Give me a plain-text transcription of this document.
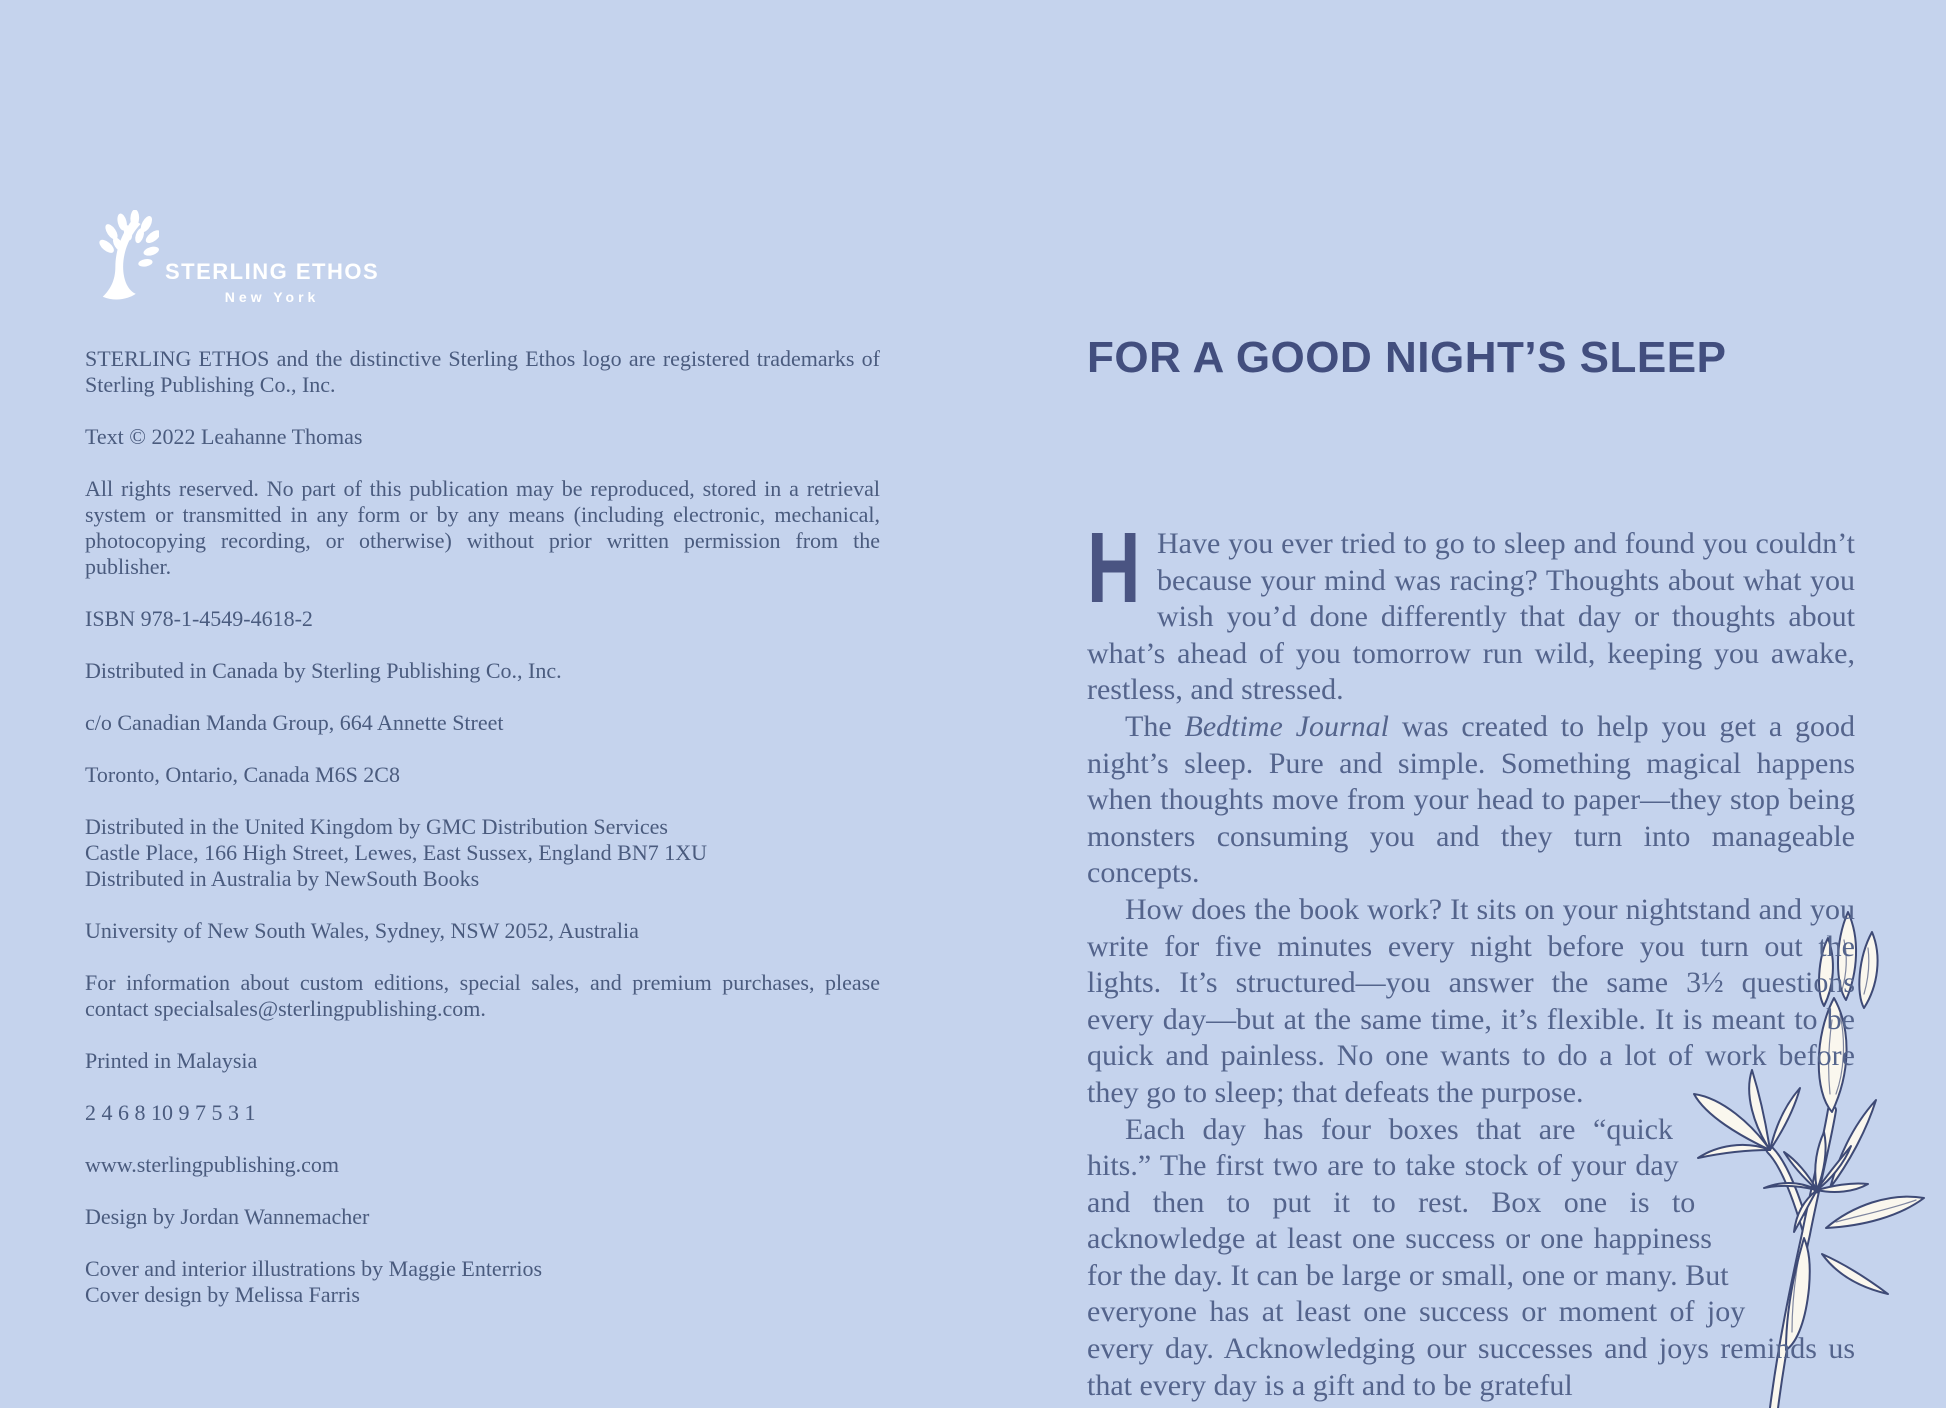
STERLING ETHOS
New York

STERLING ETHOS and the distinctive Sterling Ethos logo are registered trademarks of Sterling Publishing Co., Inc.

Text © 2022 Leahanne Thomas

All rights reserved. No part of this publication may be reproduced, stored in a retrieval system or transmitted in any form or by any means (including electronic, mechanical, photocopying recording, or otherwise) without prior written permission from the publisher.

ISBN 978-1-4549-4618-2

Distributed in Canada by Sterling Publishing Co., Inc.

c/o Canadian Manda Group, 664 Annette Street

Toronto, Ontario, Canada M6S 2C8

Distributed in the United Kingdom by GMC Distribution Services
Castle Place, 166 High Street, Lewes, East Sussex, England BN7 1XU
Distributed in Australia by NewSouth Books

University of New South Wales, Sydney, NSW 2052, Australia

For information about custom editions, special sales, and premium purchases, please contact specialsales@sterlingpublishing.com.

Printed in Malaysia

2 4 6 8 10 9 7 5 3 1

www.sterlingpublishing.com

Design by Jordan Wannemacher

Cover and interior illustrations by Maggie Enterrios
Cover design by Melissa Farris

FOR A GOOD NIGHT’S SLEEP

H Have you ever tried to go to sleep and found you couldn’t because your mind was racing? Thoughts about what you wish you’d done differently that day or thoughts about what’s ahead of you tomorrow run wild, keeping you awake, restless, and stressed.

The Bedtime Journal was created to help you get a good night’s sleep. Pure and simple. Something magical happens when thoughts move from your head to paper—they stop being monsters consuming you and they turn into manageable concepts.

How does the book work? It sits on your nightstand and you write for five minutes every night before you turn out the lights. It’s structured—you answer the same 3½ questions every day—but at the same time, it’s flexible. It is meant to be quick and painless. No one wants to do a lot of work before they go to sleep; that defeats the purpose.

Each day has four boxes that are “quick hits.” The first two are to take stock of your day and then to put it to rest. Box one is to acknowledge at least one success or one happiness for the day. It can be large or small, one or many. But everyone has at least one success or moment of joy every day. Acknowledging our successes and joys reminds us that every day is a gift and to be grateful
